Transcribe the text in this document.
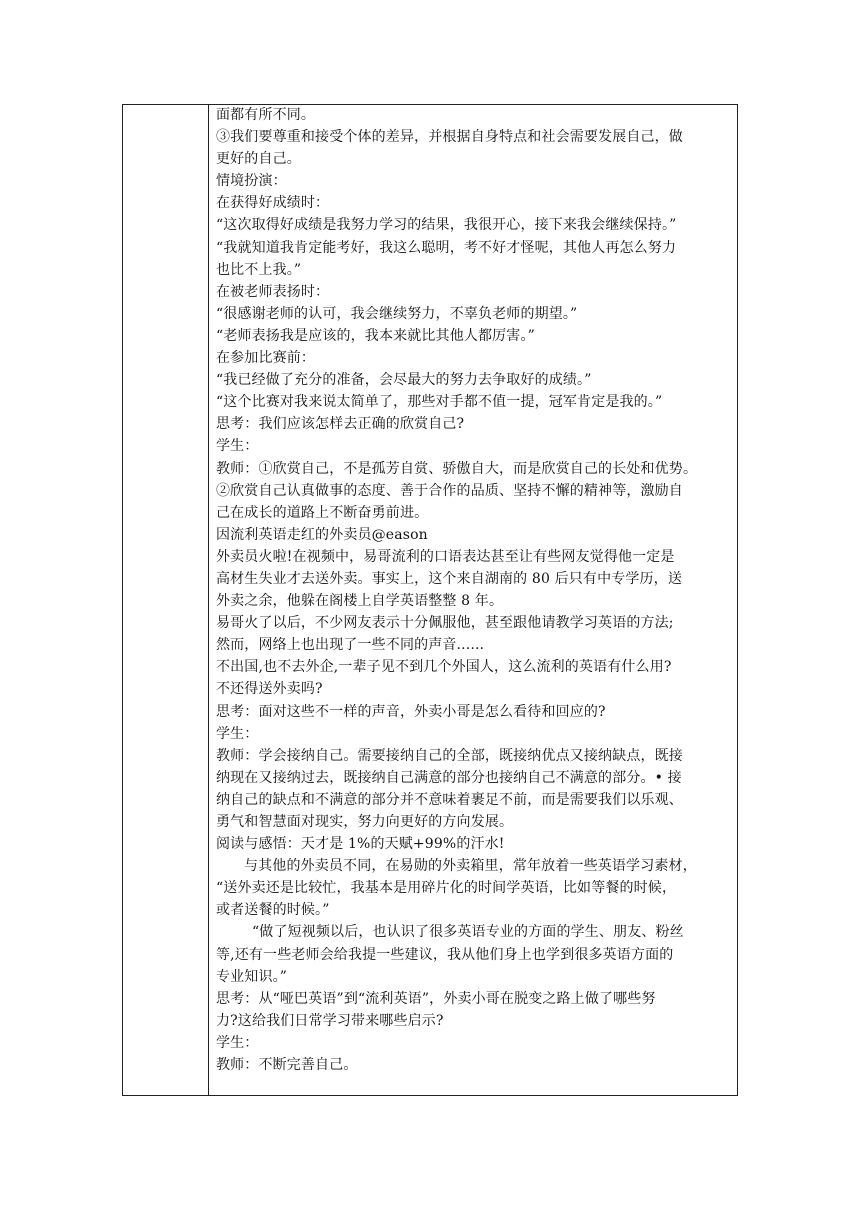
面都有所不同。

③我们要尊重和接受个体的差异，并根据自身特点和社会需要发展自己，做

更好的自己。

情境扮演：

在获得好成绩时：

“这次取得好成绩是我努力学习的结果，我很开心，接下来我会继续保持。”

“我就知道我肯定能考好，我这么聪明，考不好才怪呢，其他人再怎么努力

也比不上我。”

在被老师表扬时：

“很感谢老师的认可，我会继续努力，不辜负老师的期望。”

“老师表扬我是应该的，我本来就比其他人都厉害。”

在参加比赛前：

“我已经做了充分的准备，会尽最大的努力去争取好的成绩。”

“这个比赛对我来说太简单了，那些对手都不值一提，冠军肯定是我的。”

思考：我们应该怎样去正确的欣赏自己?

学生：

教师：①欣赏自己，不是孤芳自赏、骄傲自大，而是欣赏自己的长处和优势。

②欣赏自己认真做事的态度、善于合作的品质、坚持不懈的精神等，激励自

己在成长的道路上不断奋勇前进。

因流利英语走红的外卖员@eason

外卖员火啦!在视频中，易哥流利的口语表达甚至让有些网友觉得他一定是

高材生失业才去送外卖。事实上，这个来自湖南的 80 后只有中专学历，送

外卖之余，他躲在阁楼上自学英语整整 8 年。

易哥火了以后，不少网友表示十分佩服他，甚至跟他请教学习英语的方法;

然而，网络上也出现了一些不同的声音......

不出国,也不去外企,一辈子见不到几个外国人，这么流利的英语有什么用?

不还得送外卖吗?

思考：面对这些不一样的声音，外卖小哥是怎么看待和回应的?

学生：

教师：学会接纳自己。需要接纳自己的全部，既接纳优点又接纳缺点，既接

纳现在又接纳过去，既接纳自己满意的部分也接纳自己不满意的部分。• 接

纳自己的缺点和不满意的部分并不意味着裹足不前，而是需要我们以乐观、

勇气和智慧面对现实，努力向更好的方向发展。

阅读与感悟：天才是 1%的天赋+99%的汗水!

与其他的外卖员不同，在易勋的外卖箱里，常年放着一些英语学习素材，

“送外卖还是比较忙，我基本是用碎片化的时间学英语，比如等餐的时候，

或者送餐的时候。”

“做了短视频以后，也认识了很多英语专业的方面的学生、朋友、粉丝

等,还有一些老师会给我提一些建议，我从他们身上也学到很多英语方面的

专业知识。”

思考：从“哑巴英语”到“流利英语”，外卖小哥在脱变之路上做了哪些努

力?这给我们日常学习带来哪些启示?

学生：

教师：不断完善自己。
